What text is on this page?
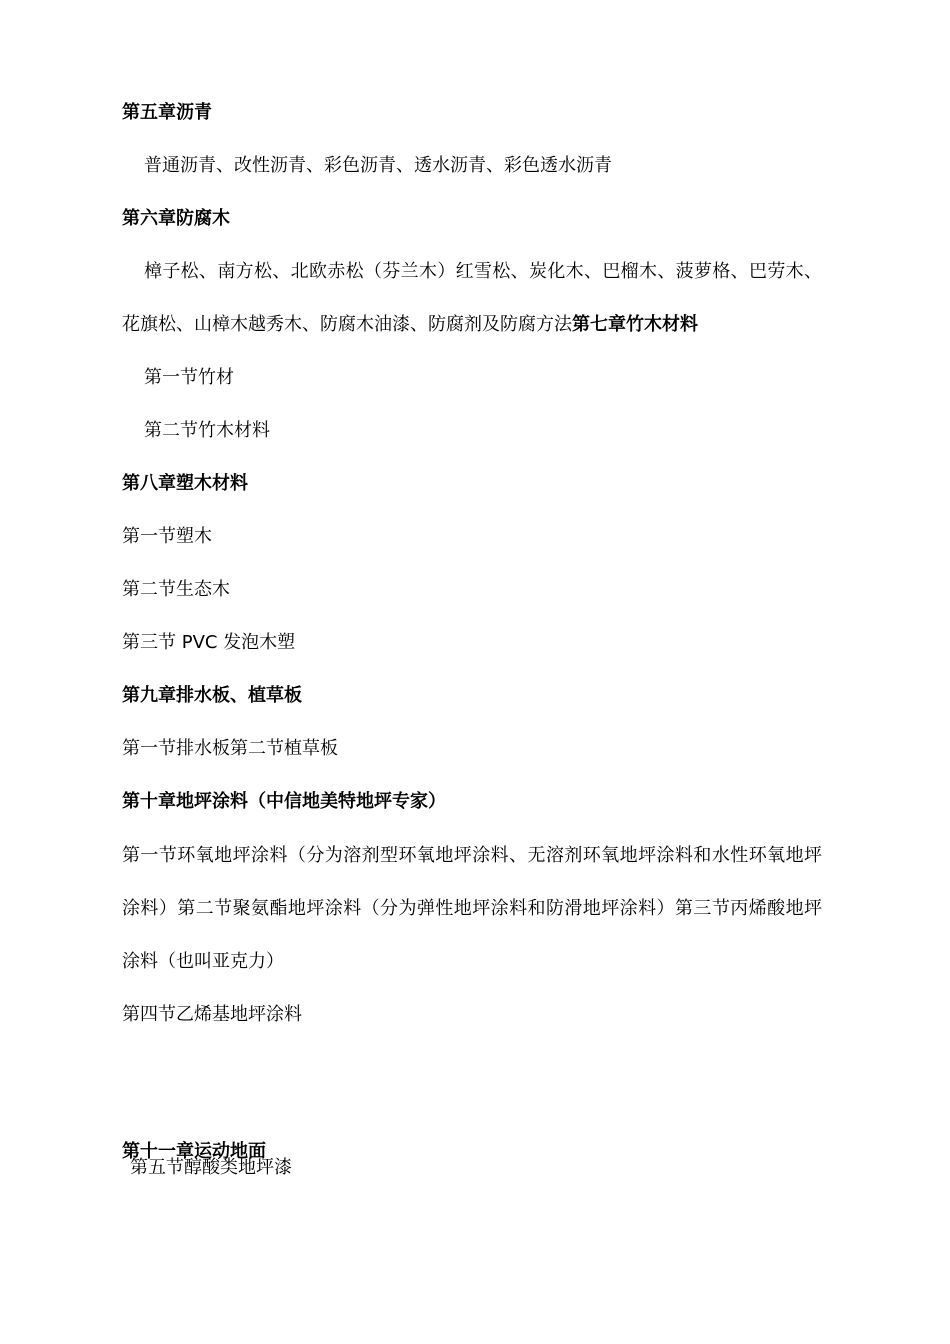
第五章沥青
普通沥青、改性沥青、彩色沥青、透水沥青、彩色透水沥青
第六章防腐木
樟子松、南方松、北欧赤松（芬兰木）红雪松、炭化木、巴榴木、菠萝格、巴劳木、花旗松、山樟木越秀木、防腐木油漆、防腐剂及防腐方法第七章竹木材料
第一节竹材
第二节竹木材料
第八章塑木材料
第一节塑木
第二节生态木
第三节 PVC 发泡木塑
第九章排水板、植草板
第一节排水板第二节植草板
第十章地坪涂料（中信地美特地坪专家）
第一节环氧地坪涂料（分为溶剂型环氧地坪涂料、无溶剂环氧地坪涂料和水性环氧地坪涂料）第二节聚氨酯地坪涂料（分为弹性地坪涂料和防滑地坪涂料）第三节丙烯酸地坪涂料（也叫亚克力）
第四节乙烯基地坪涂料
第十一章运动地面
第五节醇酸类地坪漆
